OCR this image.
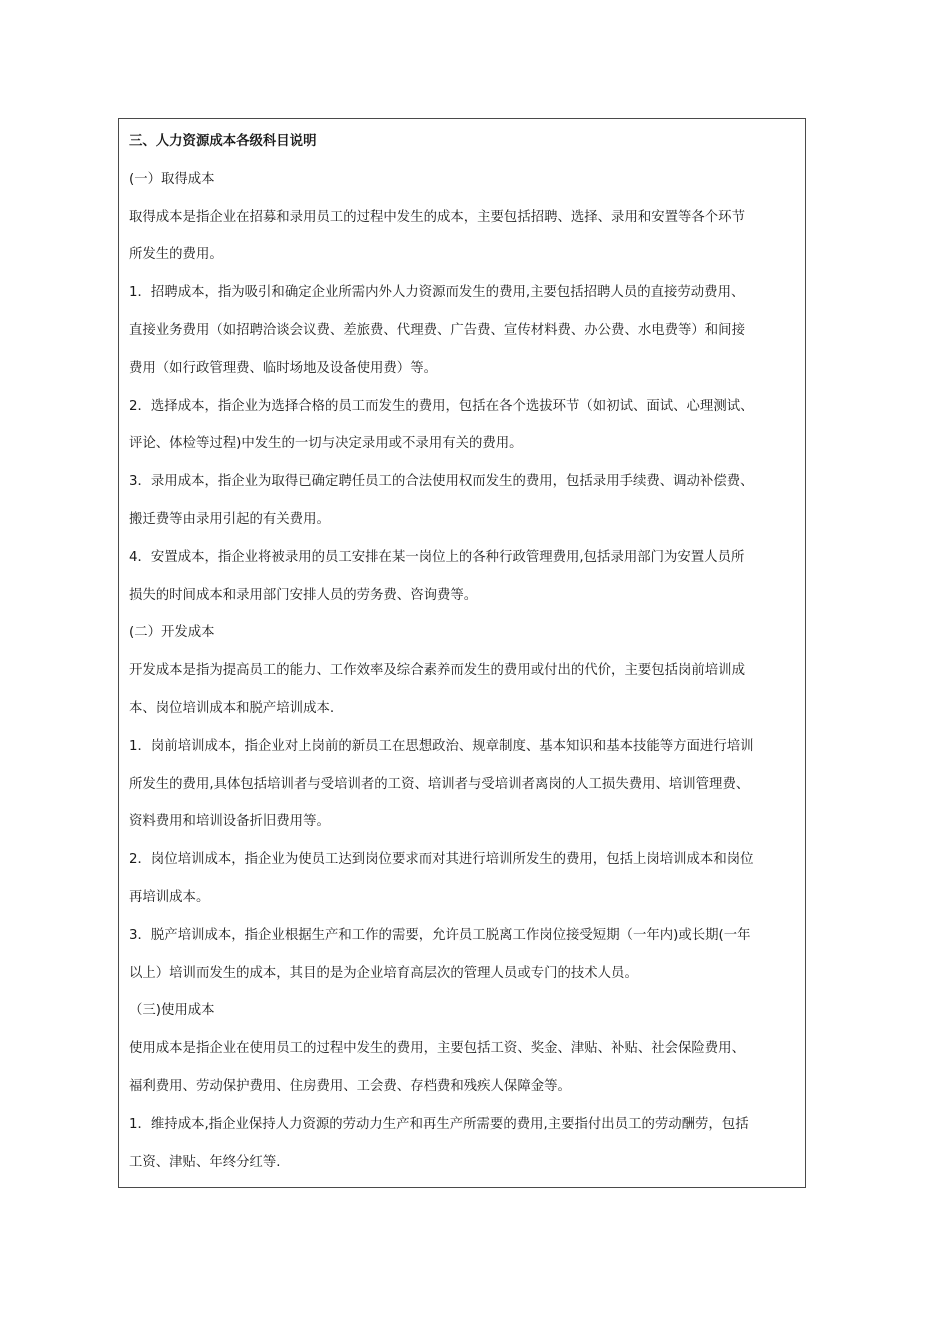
三、人力资源成本各级科目说明

(一）取得成本

取得成本是指企业在招募和录用员工的过程中发生的成本，主要包括招聘、选择、录用和安置等各个环节

所发生的费用。

1．招聘成本，指为吸引和确定企业所需内外人力资源而发生的费用,主要包括招聘人员的直接劳动费用、

直接业务费用（如招聘洽谈会议费、差旅费、代理费、广告费、宣传材料费、办公费、水电费等）和间接

费用（如行政管理费、临时场地及设备使用费）等。

2．选择成本，指企业为选择合格的员工而发生的费用，包括在各个选拔环节（如初试、面试、心理测试、

评论、体检等过程)中发生的一切与决定录用或不录用有关的费用。

3．录用成本，指企业为取得已确定聘任员工的合法使用权而发生的费用，包括录用手续费、调动补偿费、

搬迁费等由录用引起的有关费用。

4．安置成本，指企业将被录用的员工安排在某一岗位上的各种行政管理费用,包括录用部门为安置人员所

损失的时间成本和录用部门安排人员的劳务费、咨询费等。

(二）开发成本

开发成本是指为提高员工的能力、工作效率及综合素养而发生的费用或付出的代价，主要包括岗前培训成

本、岗位培训成本和脱产培训成本.

1．岗前培训成本，指企业对上岗前的新员工在思想政治、规章制度、基本知识和基本技能等方面进行培训

所发生的费用,具体包括培训者与受培训者的工资、培训者与受培训者离岗的人工损失费用、培训管理费、

资料费用和培训设备折旧费用等。

2．岗位培训成本，指企业为使员工达到岗位要求而对其进行培训所发生的费用，包括上岗培训成本和岗位

再培训成本。

3．脱产培训成本，指企业根据生产和工作的需要，允许员工脱离工作岗位接受短期（一年内)或长期(一年

以上）培训而发生的成本，其目的是为企业培育高层次的管理人员或专门的技术人员。

（三)使用成本

使用成本是指企业在使用员工的过程中发生的费用，主要包括工资、奖金、津贴、补贴、社会保险费用、

福利费用、劳动保护费用、住房费用、工会费、存档费和残疾人保障金等。

1．维持成本,指企业保持人力资源的劳动力生产和再生产所需要的费用,主要指付出员工的劳动酬劳，包括

工资、津贴、年终分红等.
